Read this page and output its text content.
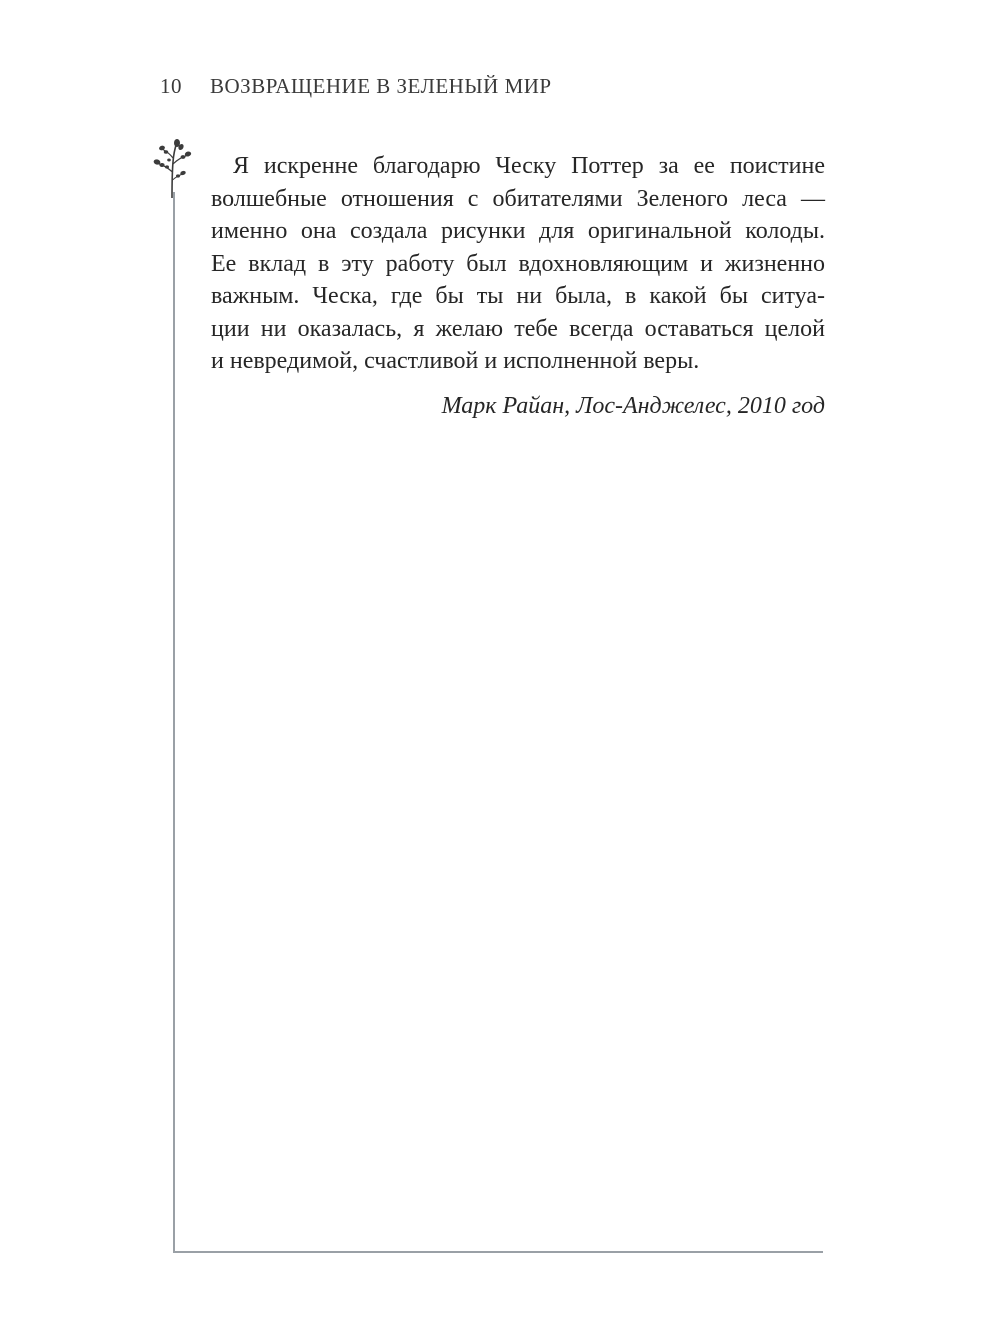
10	ВОЗВРАЩЕНИЕ В ЗЕЛЕНЫЙ МИР

Я искренне благодарю Ческу Поттер за ее поистине
волшебные отношения с обитателями Зеленого леса —
именно она создала рисунки для оригинальной колоды.
Ее вклад в эту работу был вдохновляющим и жизненно
важным. Ческа, где бы ты ни была, в какой бы ситуа-
ции ни оказалась, я желаю тебе всегда оставаться целой
и невредимой, счастливой и исполненной веры.

Марк Райан, Лос-Анджелес, 2010 год
